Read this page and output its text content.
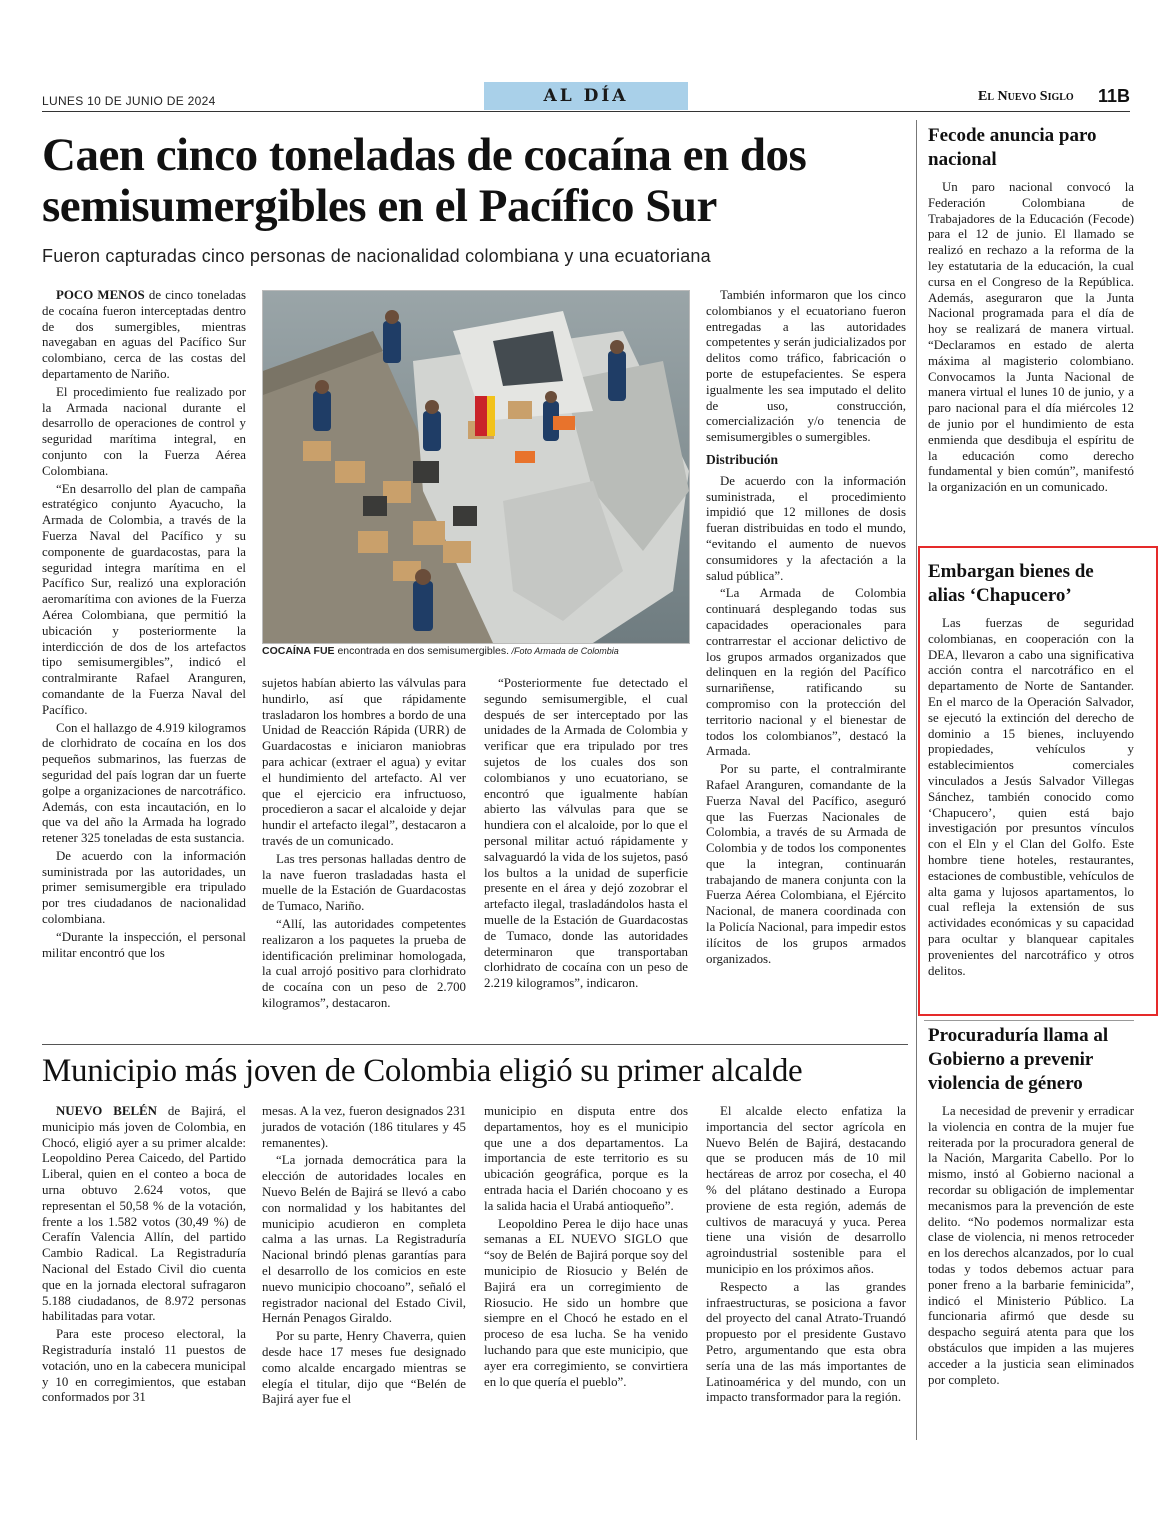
LUNES 10 DE JUNIO DE 2024	AL DÍA	El Nuevo Siglo 11B
Caen cinco toneladas de cocaína en dos semisumergibles en el Pacífico Sur
Fueron capturadas cinco personas de nacionalidad colombiana y una ecuatoriana

POCO MENOS de cinco toneladas de cocaína fueron interceptadas dentro de dos sumergibles, mientras navegaban en aguas del Pacífico Sur colombiano, cerca de las costas del departamento de Nariño.

El procedimiento fue realizado por la Armada nacional durante el desarrollo de operaciones de control y seguridad marítima integral, en conjunto con la Fuerza Aérea Colombiana.

“En desarrollo del plan de campaña estratégico conjunto Ayacucho, la Armada de Colombia, a través de la Fuerza Naval del Pacífico y su componente de guardacostas, para la seguridad integra marítima en el Pacífico Sur, realizó una exploración aeromarítima con aviones de la Fuerza Aérea Colombiana, que permitió la ubicación y posteriormente la interdicción de dos de los artefactos tipo semisumergibles”, indicó el contralmirante Rafael Aranguren, comandante de la Fuerza Naval del Pacífico.

Con el hallazgo de 4.919 kilogramos de clorhidrato de cocaína en los dos pequeños submarinos, las fuerzas de seguridad del país logran dar un fuerte golpe a organizaciones de narcotráfico. Además, con esta incautación, en lo que va del año la Armada ha logrado retener 325 toneladas de esta sustancia.

De acuerdo con la información suministrada por las autoridades, un primer semisumergible era tripulado por tres ciudadanos de nacionalidad colombiana.

“Durante la inspección, el personal militar encontró que los

COCAÍNA FUE encontrada en dos semisumergibles. /Foto Armada de Colombia

sujetos habían abierto las válvulas para hundirlo, así que rápidamente trasladaron los hombres a bordo de una Unidad de Reacción Rápida (URR) de Guardacostas e iniciaron maniobras para achicar (extraer el agua) y evitar el hundimiento del artefacto. Al ver que el ejercicio era infructuoso, procedieron a sacar el alcaloide y dejar hundir el artefacto ilegal”, destacaron a través de un comunicado.

Las tres personas halladas dentro de la nave fueron trasladadas hasta el muelle de la Estación de Guardacostas de Tumaco, Nariño.

“Allí, las autoridades competentes realizaron a los paquetes la prueba de identificación preliminar homologada, la cual arrojó positivo para clorhidrato de cocaína con un peso de 2.700 kilogramos”, destacaron.

“Posteriormente fue detectado el segundo semisumergible, el cual después de ser interceptado por las unidades de la Armada de Colombia y verificar que era tripulado por tres sujetos de los cuales dos son colombianos y uno ecuatoriano, se encontró que igualmente habían abierto las válvulas para que se hundiera con el alcaloide, por lo que el personal militar actuó rápidamente y salvaguardó la vida de los sujetos, pasó los bultos a la unidad de superficie presente en el área y dejó zozobrar el artefacto ilegal, trasladándolos hasta el muelle de la Estación de Guardacostas de Tumaco, donde las autoridades determinaron que transportaban clorhidrato de cocaína con un peso de 2.219 kilogramos”, indicaron.

También informaron que los cinco colombianos y el ecuatoriano fueron entregadas a las autoridades competentes y serán judicializados por delitos como tráfico, fabricación o porte de estupefacientes. Se espera igualmente les sea imputado el delito de uso, construcción, comercialización y/o tenencia de semisumergibles o sumergibles.

Distribución

De acuerdo con la información suministrada, el procedimiento impidió que 12 millones de dosis fueran distribuidas en todo el mundo, “evitando el aumento de nuevos consumidores y la afectación a la salud pública”.

“La Armada de Colombia continuará desplegando todas sus capacidades operacionales para contrarrestar el accionar delictivo de los grupos armados organizados que delinquen en la región del Pacífico surnariñense, ratificando su compromiso con la protección del territorio nacional y el bienestar de todos los colombianos”, destacó la Armada.

Por su parte, el contralmirante Rafael Aranguren, comandante de la Fuerza Naval del Pacífico, aseguró que las Fuerzas Nacionales de Colombia, a través de su Armada de Colombia y de todos los componentes que la integran, continuarán trabajando de manera conjunta con la Fuerza Aérea Colombiana, el Ejército Nacional, de manera coordinada con la Policía Nacional, para impedir estos ilícitos de los grupos armados organizados.

Municipio más joven de Colombia eligió su primer alcalde

NUEVO BELÉN de Bajirá, el municipio más joven de Colombia, en Chocó, eligió ayer a su primer alcalde: Leopoldino Perea Caicedo, del Partido Liberal, quien en el conteo a boca de urna obtuvo 2.624 votos, que representan el 50,58 % de la votación, frente a los 1.582 votos (30,49 %) de Cerafín Valencia Allín, del partido Cambio Radical. La Registraduría Nacional del Estado Civil dio cuenta que en la jornada electoral sufragaron 5.188 ciudadanos, de 8.972 personas habilitadas para votar.

Para este proceso electoral, la Registraduría instaló 11 puestos de votación, uno en la cabecera municipal y 10 en corregimientos, que estaban conformados por 31

mesas. A la vez, fueron designados 231 jurados de votación (186 titulares y 45 remanentes).

“La jornada democrática para la elección de autoridades locales en Nuevo Belén de Bajirá se llevó a cabo con normalidad y los habitantes del municipio acudieron en completa calma a las urnas. La Registraduría Nacional brindó plenas garantías para el desarrollo de los comicios en este nuevo municipio chocoano”, señaló el registrador nacional del Estado Civil, Hernán Penagos Giraldo.

Por su parte, Henry Chaverra, quien desde hace 17 meses fue designado como alcalde encargado mientras se elegía el titular, dijo que “Belén de Bajirá ayer fue el

municipio en disputa entre dos departamentos, hoy es el municipio que une a dos departamentos. La importancia de este territorio es su ubicación geográfica, porque es la entrada hacia el Darién chocoano y es la salida hacia el Urabá antioqueño”.

Leopoldino Perea le dijo hace unas semanas a EL NUEVO SIGLO que “soy de Belén de Bajirá porque soy del municipio de Riosucio y Belén de Bajirá era un corregimiento de Riosucio. He sido un hombre que siempre en el Chocó he estado en el proceso de esa lucha. Se ha venido luchando para que este municipio, que ayer era corregimiento, se convirtiera en lo que quería el pueblo”.

El alcalde electo enfatiza la importancia del sector agrícola en Nuevo Belén de Bajirá, destacando que se producen más de 10 mil hectáreas de arroz por cosecha, el 40 % del plátano destinado a Europa proviene de esta región, además de cultivos de maracuyá y yuca. Perea tiene una visión de desarrollo agroindustrial sostenible para el municipio en los próximos años.

Respecto a las grandes infraestructuras, se posiciona a favor del proyecto del canal Atrato-Truandó propuesto por el presidente Gustavo Petro, argumentando que esta obra sería una de las más importantes de Latinoamérica y del mundo, con un impacto transformador para la región.

Fecode anuncia paro nacional

Un paro nacional convocó la Federación Colombiana de Trabajadores de la Educación (Fecode) para el 12 de junio. El llamado se realizó en rechazo a la reforma de la ley estatutaria de la educación, la cual cursa en el Congreso de la República. Además, aseguraron que la Junta Nacional programada para el día de hoy se realizará de manera virtual. “Declaramos en estado de alerta máxima al magisterio colombiano. Convocamos la Junta Nacional de manera virtual el lunes 10 de junio, y a paro nacional para el día miércoles 12 de junio por el hundimiento de esta enmienda que desdibuja el espíritu de la educación como derecho fundamental y bien común”, manifestó la organización en un comunicado.

Embargan bienes de alias ‘Chapucero’

Las fuerzas de seguridad colombianas, en cooperación con la DEA, llevaron a cabo una significativa acción contra el narcotráfico en el departamento de Norte de Santander. En el marco de la Operación Salvador, se ejecutó la extinción del derecho de dominio a 15 bienes, incluyendo propiedades, vehículos y establecimientos comerciales vinculados a Jesús Salvador Villegas Sánchez, también conocido como ‘Chapucero’, quien está bajo investigación por presuntos vínculos con el Eln y el Clan del Golfo. Este hombre tiene hoteles, restaurantes, estaciones de combustible, vehículos de alta gama y lujosos apartamentos, lo cual refleja la extensión de sus actividades económicas y su capacidad para ocultar y blanquear capitales provenientes del narcotráfico y otros delitos.

Procuraduría llama al Gobierno a prevenir violencia de género

La necesidad de prevenir y erradicar la violencia en contra de la mujer fue reiterada por la procuradora general de la Nación, Margarita Cabello. Por lo mismo, instó al Gobierno nacional a recordar su obligación de implementar mecanismos para la prevención de este delito. “No podemos normalizar esta clase de violencia, ni menos retroceder en los derechos alcanzados, por lo cual todas y todos debemos actuar para poner freno a la barbarie feminicida”, indicó el Ministerio Público. La funcionaria afirmó que desde su despacho seguirá atenta para que los obstáculos que impiden a las mujeres acceder a la justicia sean eliminados por completo.
